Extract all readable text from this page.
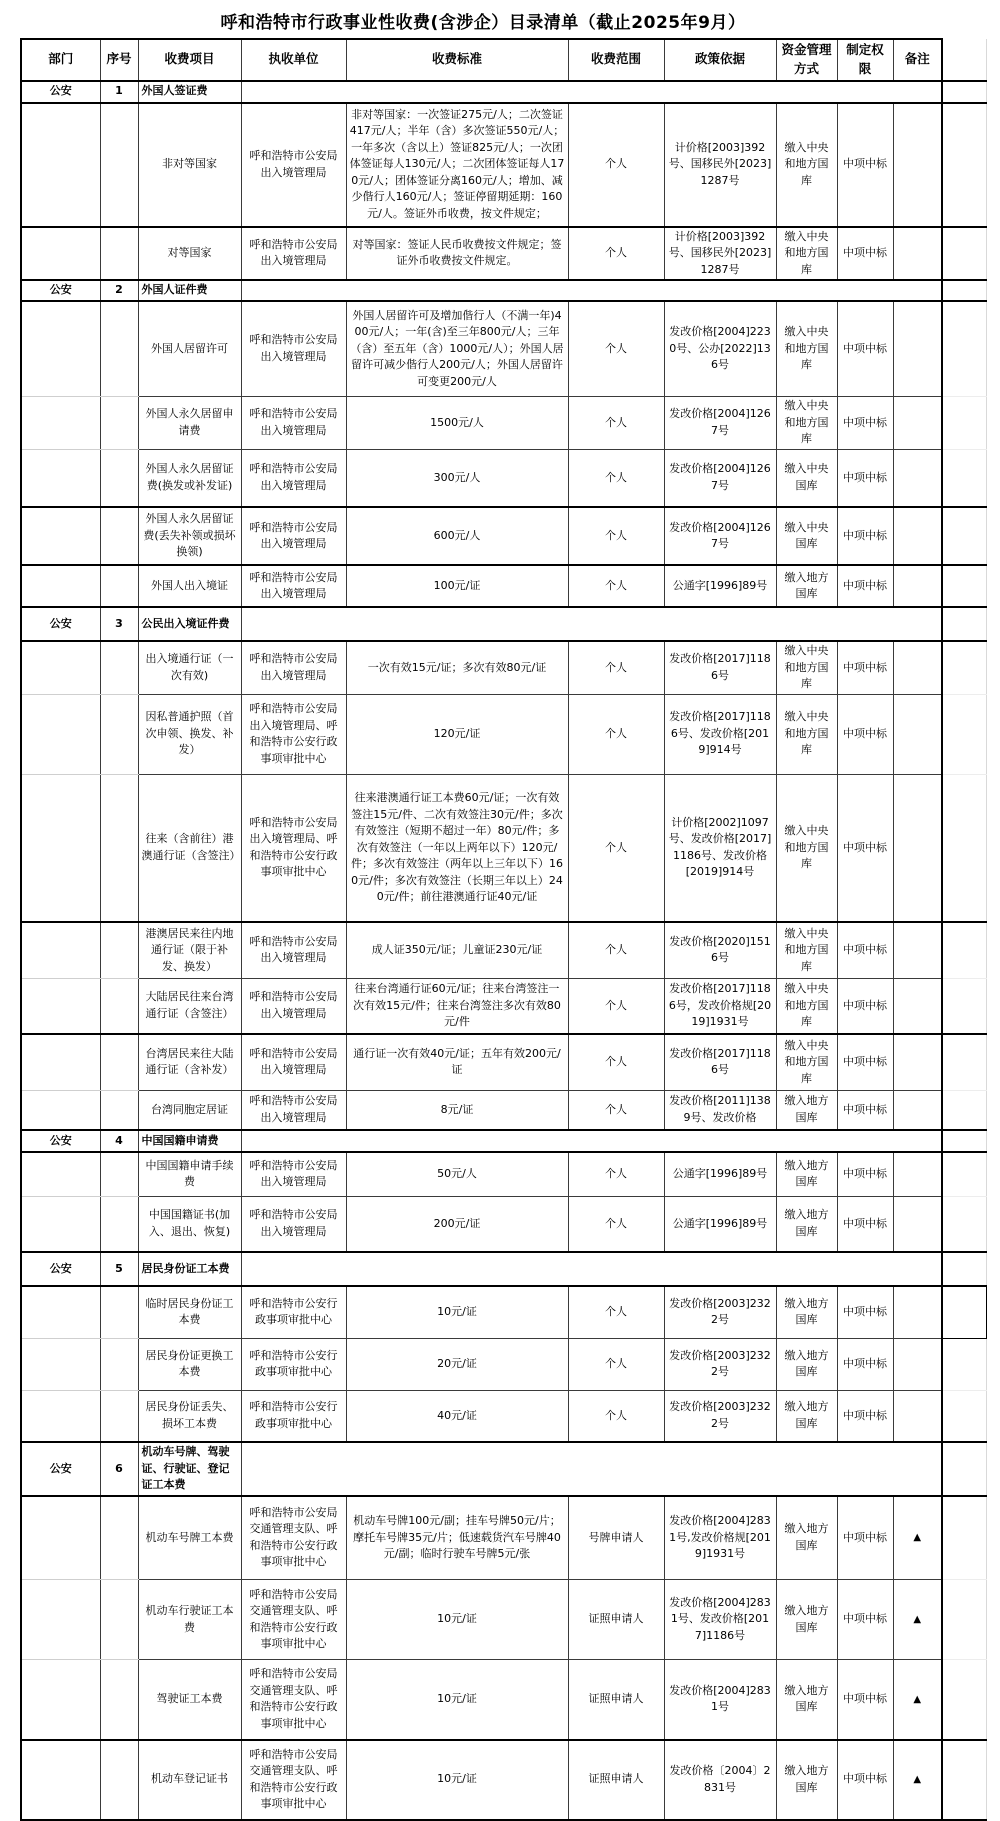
呼和浩特市行政事业性收费(含涉企）目录清单（截止2025年9月）
部门	序号	收费项目	执收单位	收费标准	收费范围	政策依据	资金管理方式	制定权限	备注	
公安	1	外国人签证费								
		非对等国家	呼和浩特市公安局出入境管理局	非对等国家：一次签证275元/人；二次签证417元/人；半年（含）多次签证550元/人；一年多次（含以上）签证825元/人；一次团体签证每人130元/人；二次团体签证每人170元/人；团体签证分离160元/人；增加、减少偕行人160元/人；签证停留期延期：160元/人。签证外币收费，按文件规定；	个人	计价格[2003]392号、国移民外[2023]1287号	缴入中央和地方国库	中项中标		
		对等国家	呼和浩特市公安局出入境管理局	对等国家：签证人民币收费按文件规定；签证外币收费按文件规定。	个人	计价格[2003]392号、国移民外[2023]1287号	缴入中央和地方国库	中项中标		
公安	2	外国人证件费								
		外国人居留许可	呼和浩特市公安局出入境管理局	外国人居留许可及增加偕行人（不满一年)400元/人；一年(含)至三年800元/人；三年（含）至五年（含）1000元/人）；外国人居留许可减少偕行人200元/人；外国人居留许可变更200元/人	个人	发改价格[2004]2230号、公办[2022]136号	缴入中央和地方国库	中项中标		
		外国人永久居留申请费	呼和浩特市公安局出入境管理局	1500元/人	个人	发改价格[2004]1267号	缴入中央和地方国库	中项中标		
		外国人永久居留证费(换发或补发证)	呼和浩特市公安局出入境管理局	300元/人	个人	发改价格[2004]1267号	缴入中央国库	中项中标		
		外国人永久居留证费(丢失补领或损坏换领)	呼和浩特市公安局出入境管理局	600元/人	个人	发改价格[2004]1267号	缴入中央国库	中项中标		
		外国人出入境证	呼和浩特市公安局出入境管理局	100元/证	个人	公通字[1996]89号	缴入地方国库	中项中标		
公安	3	公民出入境证件费								
		出入境通行证（一次有效)	呼和浩特市公安局出入境管理局	一次有效15元/证；多次有效80元/证	个人	发改价格[2017]1186号	缴入中央和地方国库	中项中标		
		因私普通护照（首次申领、换发、补发）	呼和浩特市公安局出入境管理局、呼和浩特市公安行政事项审批中心	120元/证	个人	发改价格[2017]1186号、发改价格[2019]914号	缴入中央和地方国库	中项中标		
		往来（含前往）港澳通行证（含签注）	呼和浩特市公安局出入境管理局、呼和浩特市公安行政事项审批中心	往来港澳通行证工本费60元/证；一次有效签注15元/件、二次有效签注30元/件；多次有效签注（短期不超过一年）80元/件；多次有效签注（一年以上两年以下）120元/件；多次有效签注（两年以上三年以下）160元/件；多次有效签注（长期三年以上）240元/件；前往港澳通行证40元/证	个人	计价格[2002]1097号、发改价格[2017]1186号、发改价格[2019]914号	缴入中央和地方国库	中项中标		
		港澳居民来往内地通行证（限于补发、换发）	呼和浩特市公安局出入境管理局	成人证350元/证；儿童证230元/证	个人	发改价格[2020]1516号	缴入中央和地方国库	中项中标		
		大陆居民往来台湾通行证（含签注）	呼和浩特市公安局出入境管理局	往来台湾通行证60元/证；往来台湾签注一次有效15元/件；往来台湾签注多次有效80元/件	个人	发改价格[2017]1186号，发改价格规[2019]1931号	缴入中央和地方国库	中项中标		
		台湾居民来往大陆通行证（含补发）	呼和浩特市公安局出入境管理局	通行证一次有效40元/证；五年有效200元/证	个人	发改价格[2017]1186号	缴入中央和地方国库	中项中标		
		台湾同胞定居证	呼和浩特市公安局出入境管理局	8元/证	个人	发改价格[2011]1389号、发改价格	缴入地方国库	中项中标		
公安	4	中国国籍申请费								
		中国国籍申请手续费	呼和浩特市公安局出入境管理局	50元/人	个人	公通字[1996]89号	缴入地方国库	中项中标		
		中国国籍证书(加入、退出、恢复)	呼和浩特市公安局出入境管理局	200元/证	个人	公通字[1996]89号	缴入地方国库	中项中标		
公安	5	居民身份证工本费								
		临时居民身份证工本费	呼和浩特市公安行政事项审批中心	10元/证	个人	发改价格[2003]2322号	缴入地方国库	中项中标		
		居民身份证更换工本费	呼和浩特市公安行政事项审批中心	20元/证	个人	发改价格[2003]2322号	缴入地方国库	中项中标		
		居民身份证丢失、损坏工本费	呼和浩特市公安行政事项审批中心	40元/证	个人	发改价格[2003]2322号	缴入地方国库	中项中标		
公安	6	机动车号牌、驾驶证、行驶证、登记证工本费								
		机动车号牌工本费	呼和浩特市公安局交通管理支队、呼和浩特市公安行政事项审批中心	机动车号牌100元/副；挂车号牌50元/片；摩托车号牌35元/片；低速载货汽车号牌40元/副；临时行驶车号牌5元/张	号牌申请人	发改价格[2004]2831号,发改价格规[2019]1931号	缴入地方国库	中项中标	▲	
		机动车行驶证工本费	呼和浩特市公安局交通管理支队、呼和浩特市公安行政事项审批中心	10元/证	证照申请人	发改价格[2004]2831号、发改价格[2017]1186号	缴入地方国库	中项中标	▲	
		驾驶证工本费	呼和浩特市公安局交通管理支队、呼和浩特市公安行政事项审批中心	10元/证	证照申请人	发改价格[2004]2831号	缴入地方国库	中项中标	▲	
		机动车登记证书	呼和浩特市公安局交通管理支队、呼和浩特市公安行政事项审批中心	10元/证	证照申请人	发改价格〔2004〕2831号	缴入地方国库	中项中标	▲	
